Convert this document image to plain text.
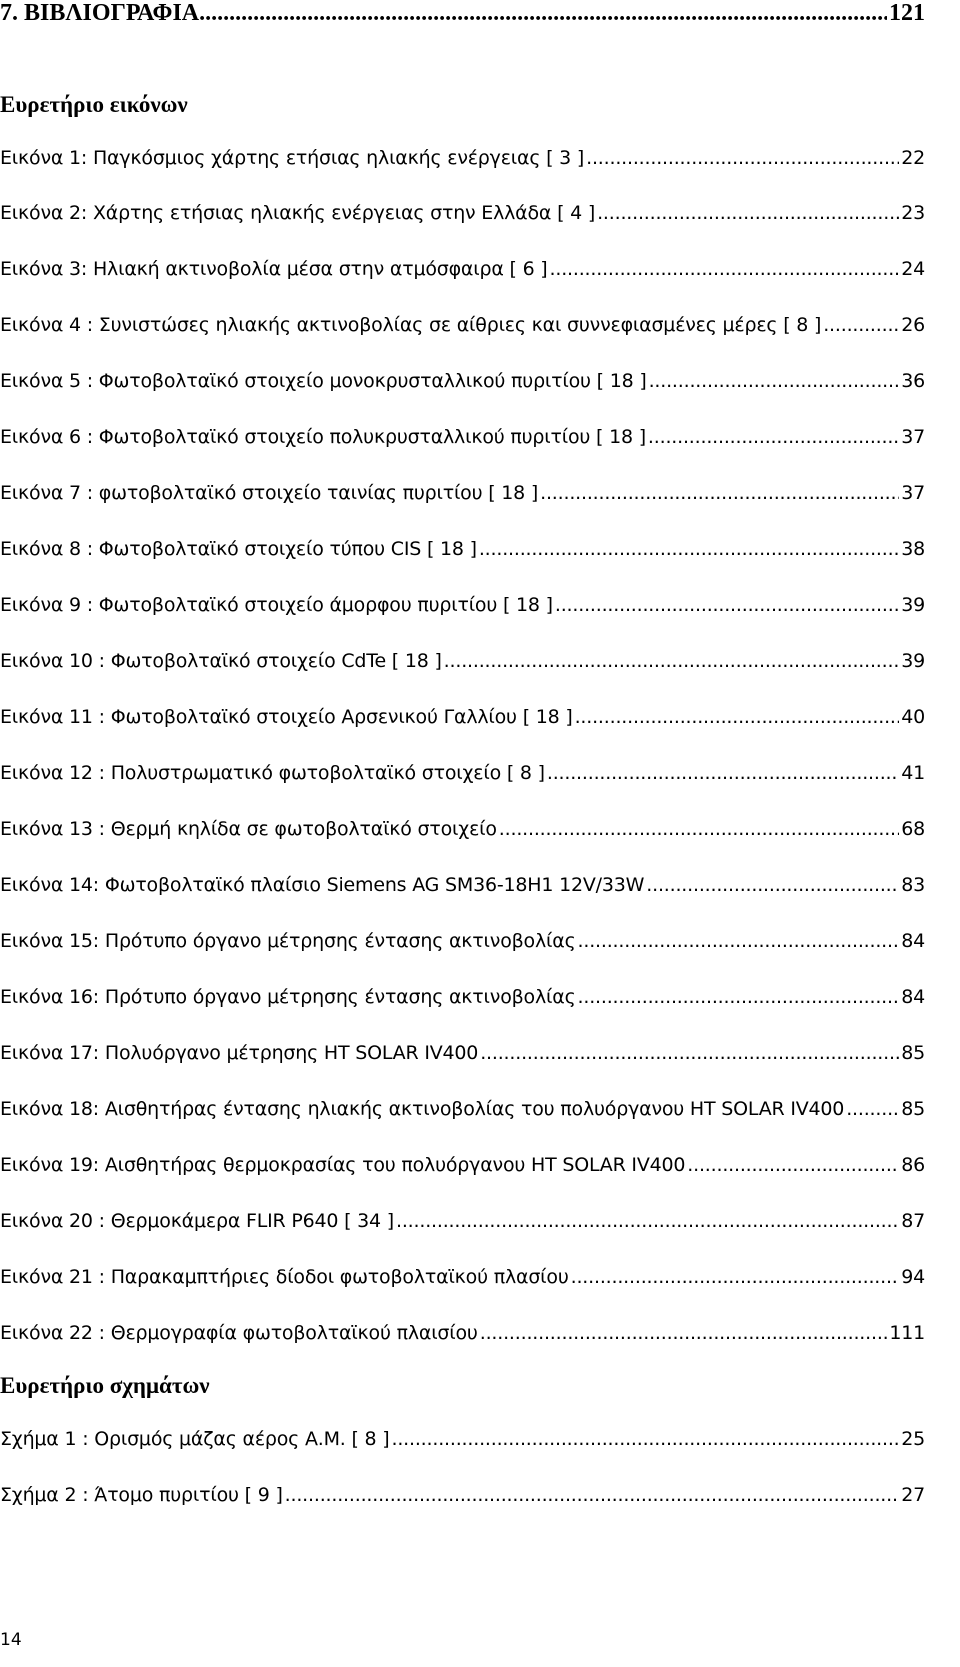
7. ΒΙΒΛΙΟΓΡΑΦΙΑ .....	121
Ευρετήριο εικόνων
Εικόνα 1: Παγκόσμιος χάρτης ετήσιας ηλιακής ενέργειας [ 3 ] .....	22
Εικόνα 2: Χάρτης ετήσιας ηλιακής ενέργειας στην Ελλάδα [ 4 ] .....	23
Εικόνα 3: Ηλιακή ακτινοβολία μέσα στην ατμόσφαιρα [ 6 ] .....	24
Εικόνα 4 : Συνιστώσες ηλιακής ακτινοβολίας σε αίθριες και συννεφιασμένες μέρες [ 8 ] .....	26
Εικόνα 5 : Φωτοβολταϊκό στοιχείο μονοκρυσταλλικού πυριτίου [ 18 ] .....	36
Εικόνα 6 : Φωτοβολταϊκό στοιχείο πολυκρυσταλλικού πυριτίου [ 18 ] .....	37
Εικόνα 7 : φωτοβολταϊκό στοιχείο ταινίας πυριτίου [ 18 ] .....	37
Εικόνα 8 : Φωτοβολταϊκό στοιχείο τύπου CIS [ 18 ] .....	38
Εικόνα 9 : Φωτοβολταϊκό στοιχείο άμορφου πυριτίου [ 18 ] .....	39
Εικόνα 10 : Φωτοβολταϊκό στοιχείο CdTe [ 18 ] .....	39
Εικόνα 11 : Φωτοβολταϊκό στοιχείο Αρσενικού Γαλλίου [ 18 ] .....	40
Εικόνα 12 : Πολυστρωματικό φωτοβολταϊκό στοιχείο [ 8 ] .....	41
Εικόνα 13 : Θερμή κηλίδα σε φωτοβολταϊκό στοιχείο .....	68
Εικόνα 14: Φωτοβολταϊκό πλαίσιο Siemens AG SM36-18H1 12V/33W .....	83
Εικόνα 15: Πρότυπο όργανο μέτρησης έντασης ακτινοβολίας .....	84
Εικόνα 16: Πρότυπο όργανο μέτρησης έντασης ακτινοβολίας .....	84
Εικόνα 17: Πολυόργανο μέτρησης HT SOLAR IV400 .....	85
Εικόνα 18: Αισθητήρας έντασης ηλιακής ακτινοβολίας του πολυόργανου HT SOLAR IV400 .....	85
Εικόνα 19: Αισθητήρας θερμοκρασίας του πολυόργανου HT SOLAR IV400 .....	86
Εικόνα 20 : Θερμοκάμερα FLIR P640 [ 34 ] .....	87
Εικόνα 21 : Παρακαμπτήριες δίοδοι φωτοβολταϊκού πλασίου .....	94
Εικόνα 22 : Θερμογραφία φωτοβολταϊκού πλαισίου .....	111
Ευρετήριο σχημάτων
Σχήμα 1 : Ορισμός μάζας αέρος Α.Μ. [ 8 ] .....	25
Σχήμα 2 : Άτομο πυριτίου [ 9 ] .....	27
14
